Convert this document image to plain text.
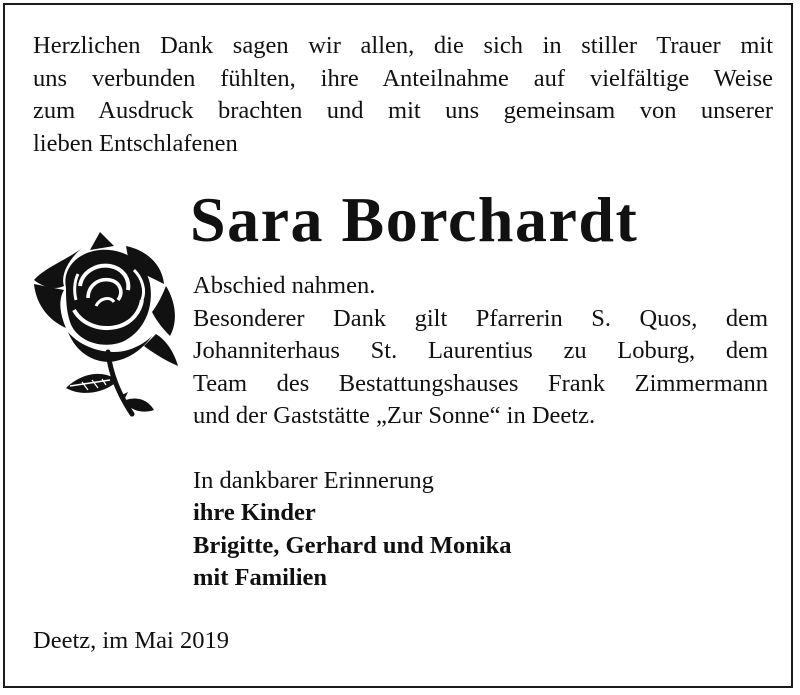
Herzlichen Dank sagen wir allen, die sich in stiller Trauer mit
uns verbunden fühlten, ihre Anteilnahme auf vielfältige Weise
zum Ausdruck brachten und mit uns gemeinsam von unserer
lieben Entschlafenen
Sara Borchardt
Abschied nahmen.
Besonderer Dank gilt Pfarrerin S. Quos, dem
Johanniterhaus St. Laurentius zu Loburg, dem
Team des Bestattungshauses Frank Zimmermann
und der Gaststätte „Zur Sonne“ in Deetz.
In dankbarer Erinnerung
ihre Kinder
Brigitte, Gerhard und Monika
mit Familien
Deetz, im Mai 2019
